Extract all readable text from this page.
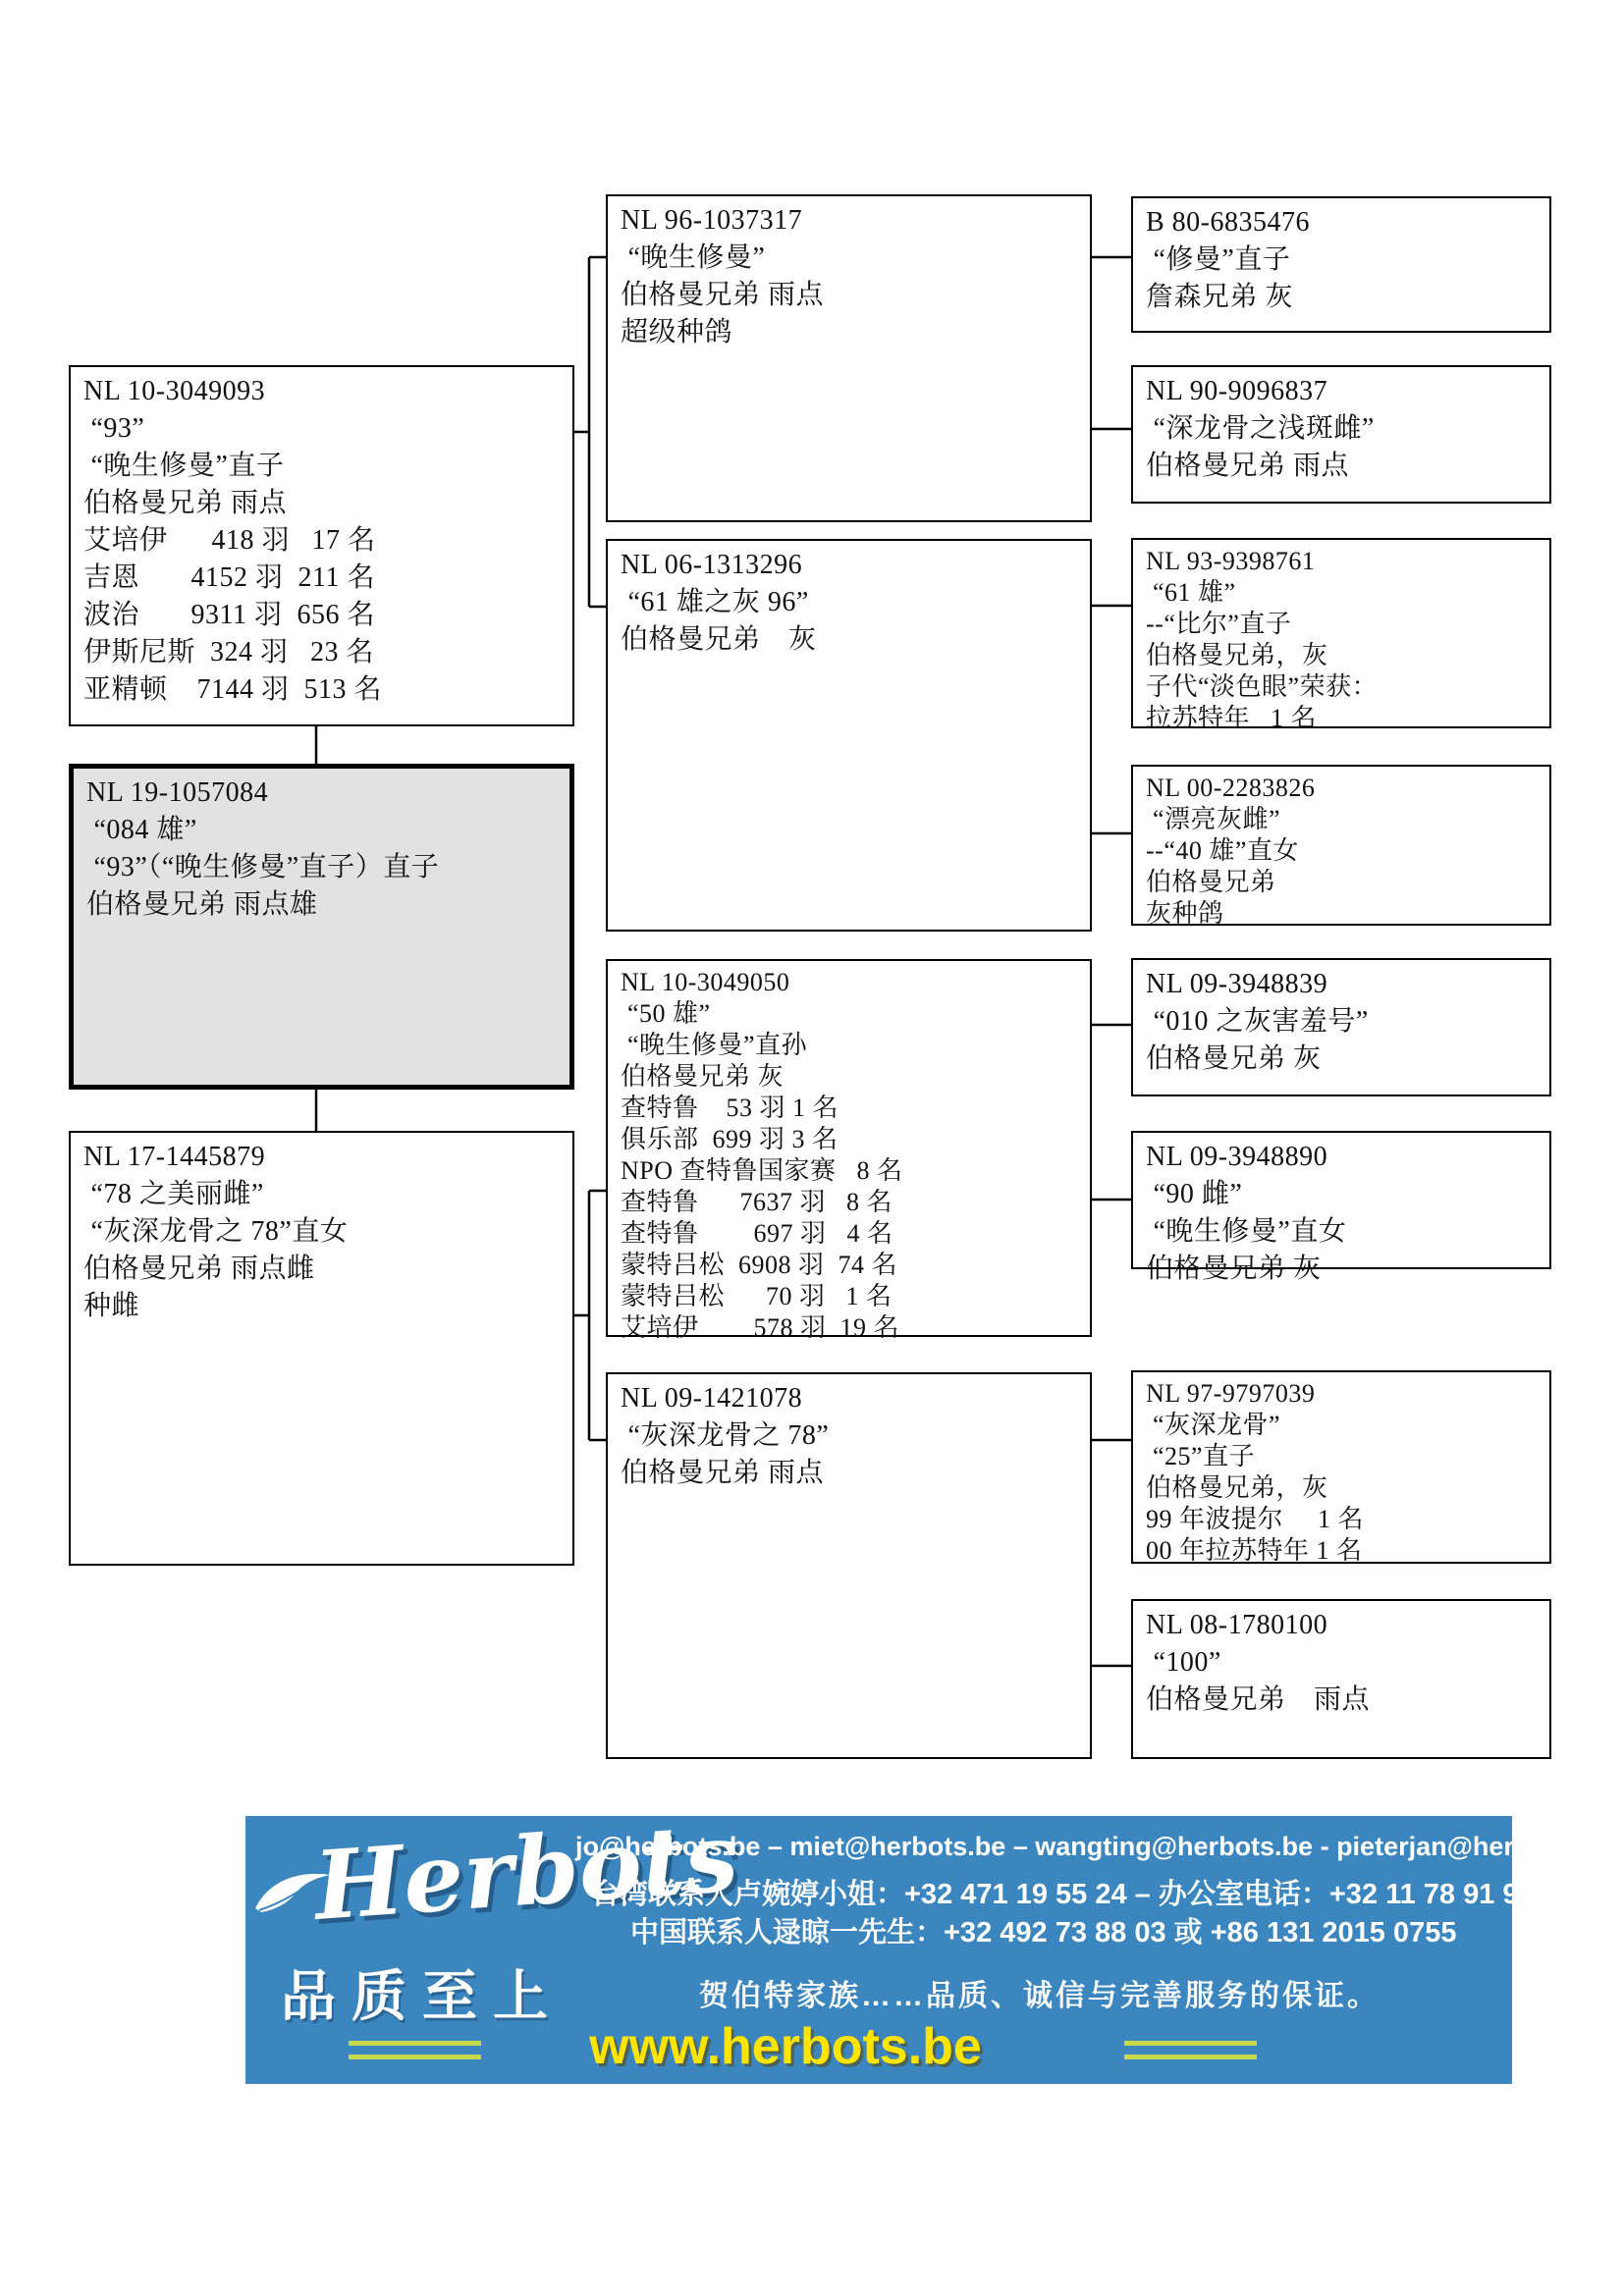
NL 10-3049093
“93”
“晚生修曼”直子
伯格曼兄弟 雨点
艾培伊      418 羽   17 名
吉恩       4152 羽  211 名
波治       9311 羽  656 名
伊斯尼斯  324 羽   23 名
亚精顿    7144 羽  513 名
NL 19-1057084
“084 雄”
“93”（“晚生修曼”直子）直子
伯格曼兄弟 雨点雄
NL 17-1445879
“78 之美丽雌”
“灰深龙骨之 78”直女
伯格曼兄弟 雨点雌
种雌
NL 96-1037317
“晚生修曼”
伯格曼兄弟 雨点
超级种鸽
NL 06-1313296
“61 雄之灰 96”
伯格曼兄弟　灰
NL 10-3049050
“50 雄”
“晚生修曼”直孙
伯格曼兄弟 灰
查特鲁    53 羽 1 名
俱乐部  699 羽 3 名
NPO 查特鲁国家赛   8 名
查特鲁      7637 羽   8 名
查特鲁        697 羽   4 名
蒙特吕松  6908 羽  74 名
蒙特吕松      70 羽   1 名
艾培伊        578 羽  19 名
NL 09-1421078
“灰深龙骨之 78”
伯格曼兄弟 雨点
B 80-6835476
“修曼”直子
詹森兄弟 灰
NL 90-9096837
“深龙骨之浅斑雌”
伯格曼兄弟 雨点
NL 93-9398761
“61 雄”
--“比尔”直子
伯格曼兄弟，灰
子代“淡色眼”荣获：
拉苏特年   1 名
NL 00-2283826
“漂亮灰雌”
--“40 雄”直女
伯格曼兄弟
灰种鸽
NL 09-3948839
“010 之灰害羞号”
伯格曼兄弟 灰
NL 09-3948890
“90 雌”
“晚生修曼”直女
伯格曼兄弟 灰
NL 97-9797039
“灰深龙骨”
“25”直子
伯格曼兄弟，灰
99 年波提尔     1 名
00 年拉苏特年 1 名
NL 08-1780100
“100”
伯格曼兄弟　雨点
Herbots
品质至上
jo@herbots.be – miet@herbots.be – wangting@herbots.be - pieterjan@herbots.be
台湾联系人卢婉婷小姐：+32 471 19 55 24 – 办公室电话：+32 11 78 91 90
中国联系人逯晾一先生：+32 492 73 88 03 或 +86 131 2015 0755
贺伯特家族……品质、诚信与完善服务的保证。
www.herbots.be
